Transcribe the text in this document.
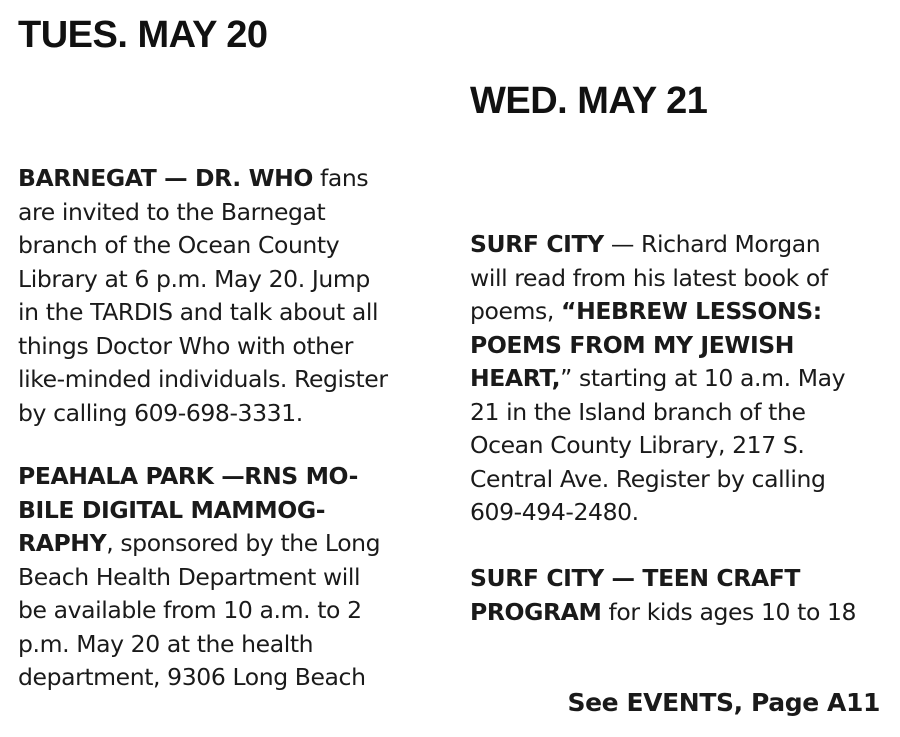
TUES. MAY 20

BARNEGAT — DR. WHO fans
are invited to the Barnegat
branch of the Ocean County
Library at 6 p.m. May 20. Jump
in the TARDIS and talk about all
things Doctor Who with other
like-minded individuals. Register
by calling 609-698-3331.

PEAHALA PARK —RNS MO-
BILE DIGITAL MAMMOG-
RAPHY, sponsored by the Long
Beach Health Department will
be available from 10 a.m. to 2
p.m. May 20 at the health
department, 9306 Long Beach

WED. MAY 21

SURF CITY — Richard Morgan
will read from his latest book of
poems, “HEBREW LESSONS:
POEMS FROM MY JEWISH
HEART,” starting at 10 a.m. May
21 in the Island branch of the
Ocean County Library, 217 S.
Central Ave. Register by calling
609-494-2480.

SURF CITY — TEEN CRAFT
PROGRAM for kids ages 10 to 18

See EVENTS, Page A11
